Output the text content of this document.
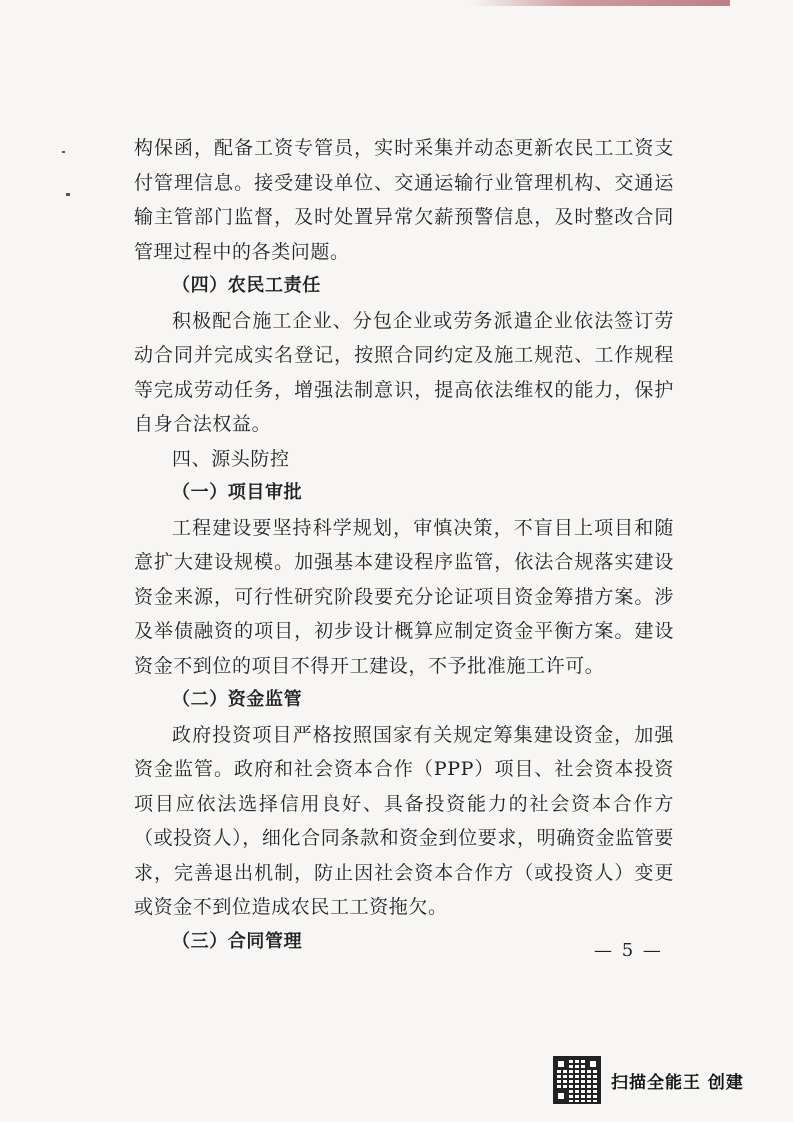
构保函，配备工资专管员，实时采集并动态更新农民工工资支付管理信息。接受建设单位、交通运输行业管理机构、交通运输主管部门监督，及时处置异常欠薪预警信息，及时整改合同管理过程中的各类问题。

（四）农民工责任

积极配合施工企业、分包企业或劳务派遣企业依法签订劳动合同并完成实名登记，按照合同约定及施工规范、工作规程等完成劳动任务，增强法制意识，提高依法维权的能力，保护自身合法权益。

四、源头防控

（一）项目审批

工程建设要坚持科学规划，审慎决策，不盲目上项目和随意扩大建设规模。加强基本建设程序监管，依法合规落实建设资金来源，可行性研究阶段要充分论证项目资金筹措方案。涉及举债融资的项目，初步设计概算应制定资金平衡方案。建设资金不到位的项目不得开工建设，不予批准施工许可。

（二）资金监管

政府投资项目严格按照国家有关规定筹集建设资金，加强资金监管。政府和社会资本合作（PPP）项目、社会资本投资项目应依法选择信用良好、具备投资能力的社会资本合作方（或投资人），细化合同条款和资金到位要求，明确资金监管要求，完善退出机制，防止因社会资本合作方（或投资人）变更或资金不到位造成农民工工资拖欠。

（三）合同管理	— 5 —
扫描全能王 创建
